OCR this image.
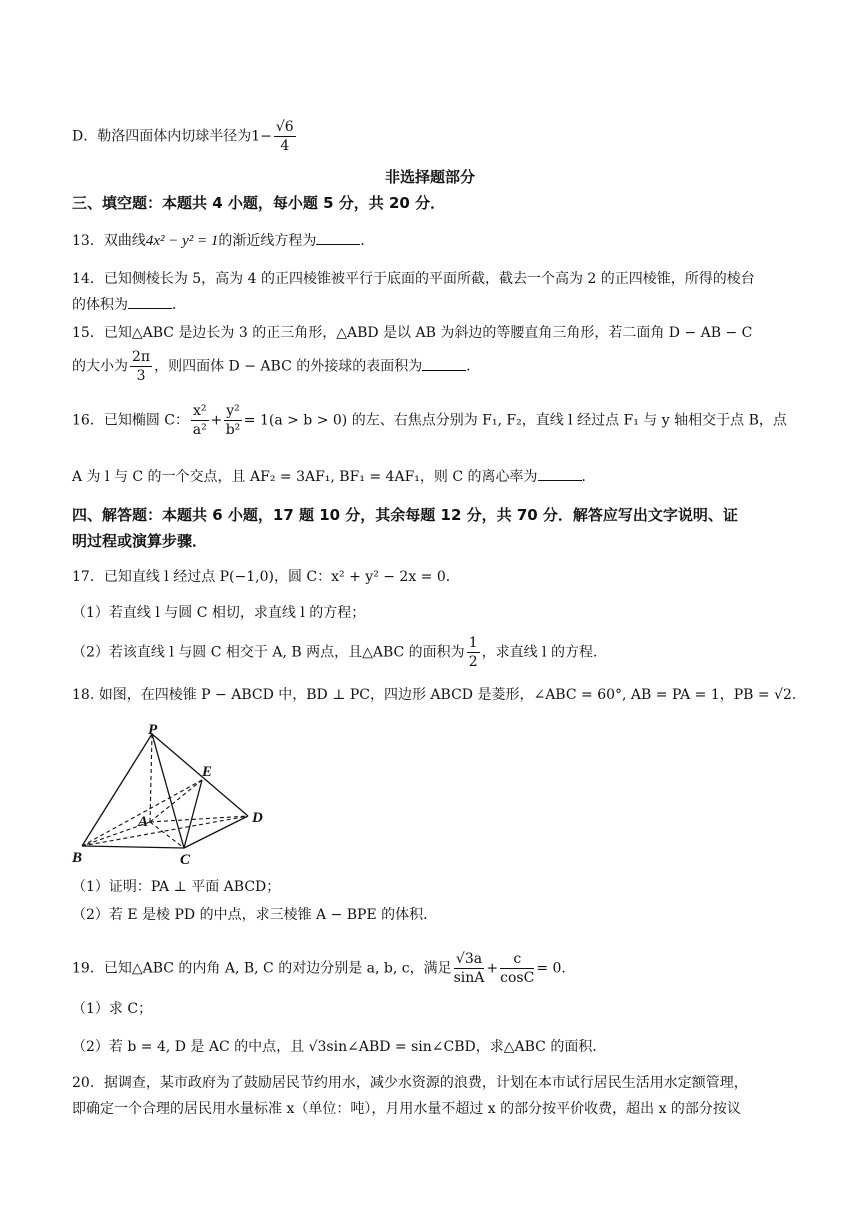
D．勒洛四面体内切球半径为$1- \frac{√6}{4}$
非选择题部分
三、填空题：本题共 4 小题，每小题 5 分，共 20 分．
13．双曲线4x² − y² = 1的渐近线方程为	．
14．已知侧棱长为 5，高为 4 的正四棱锥被平行于底面的平面所截，截去一个高为 2 的正四棱锥，所得的棱台
的体积为	．
15．已知△ABC 是边长为 3 的正三角形，△ABD 是以 AB 为斜边的等腰直角三角形，若二面角 D − AB − C
的大小为 $\frac{2\pi}{3}$ ，则四面体 D − ABC 的外接球的表面积为	．
16．已知椭圆 C： $\frac{\text{x²}}{\text{a²}} + \frac{\text{y²}}{\text{b²}} = 1(a > b > 0)$ 的左、右焦点分别为 F₁, F₂，直线 l 经过点 F₁ 与 y 轴相交于点 B，点
A 为 l 与 C 的一个交点，且 AF₂ = 3AF₁, BF₁ = 4AF₁，则 C 的离心率为	．
四、解答题：本题共 6 小题，17 题 10 分，其余每题 12 分，共 70 分．解答应写出文字说明、证
明过程或演算步骤．
17．已知直线 l 经过点 P(−1,0)，圆 C：x² + y² − 2x = 0．
（1）若直线 l 与圆 C 相切，求直线 l 的方程；
（2）若该直线 l 与圆 C 相交于 A, B 两点，且△ABC 的面积为 $\frac{1}{2}$ ，求直线 l 的方程．
18. 如图，在四棱锥 P − ABCD 中，BD ⊥ PC，四边形 ABCD 是菱形，∠ABC = 60°, AB = PA = 1，PB = √2．
P
E
A	D
B	C
（1）证明：PA ⊥ 平面 ABCD；
（2）若 E 是棱 PD 的中点，求三棱锥 A − BPE 的体积．
19．已知△ABC 的内角 A, B, C 的对边分别是 a, b, c，满足 $\frac{√3a}{\sin A} + \frac{c}{\cos C} = 0$．
（1）求 C；
（2）若 b = 4, D 是 AC 的中点，且 √3sin∠ABD = sin∠CBD，求△ABC 的面积．
20．据调查，某市政府为了鼓励居民节约用水，减少水资源的浪费，计划在本市试行居民生活用水定额管理，
即确定一个合理的居民用水量标准 x（单位：吨），月用水量不超过 x 的部分按平价收费，超出 x 的部分按议
